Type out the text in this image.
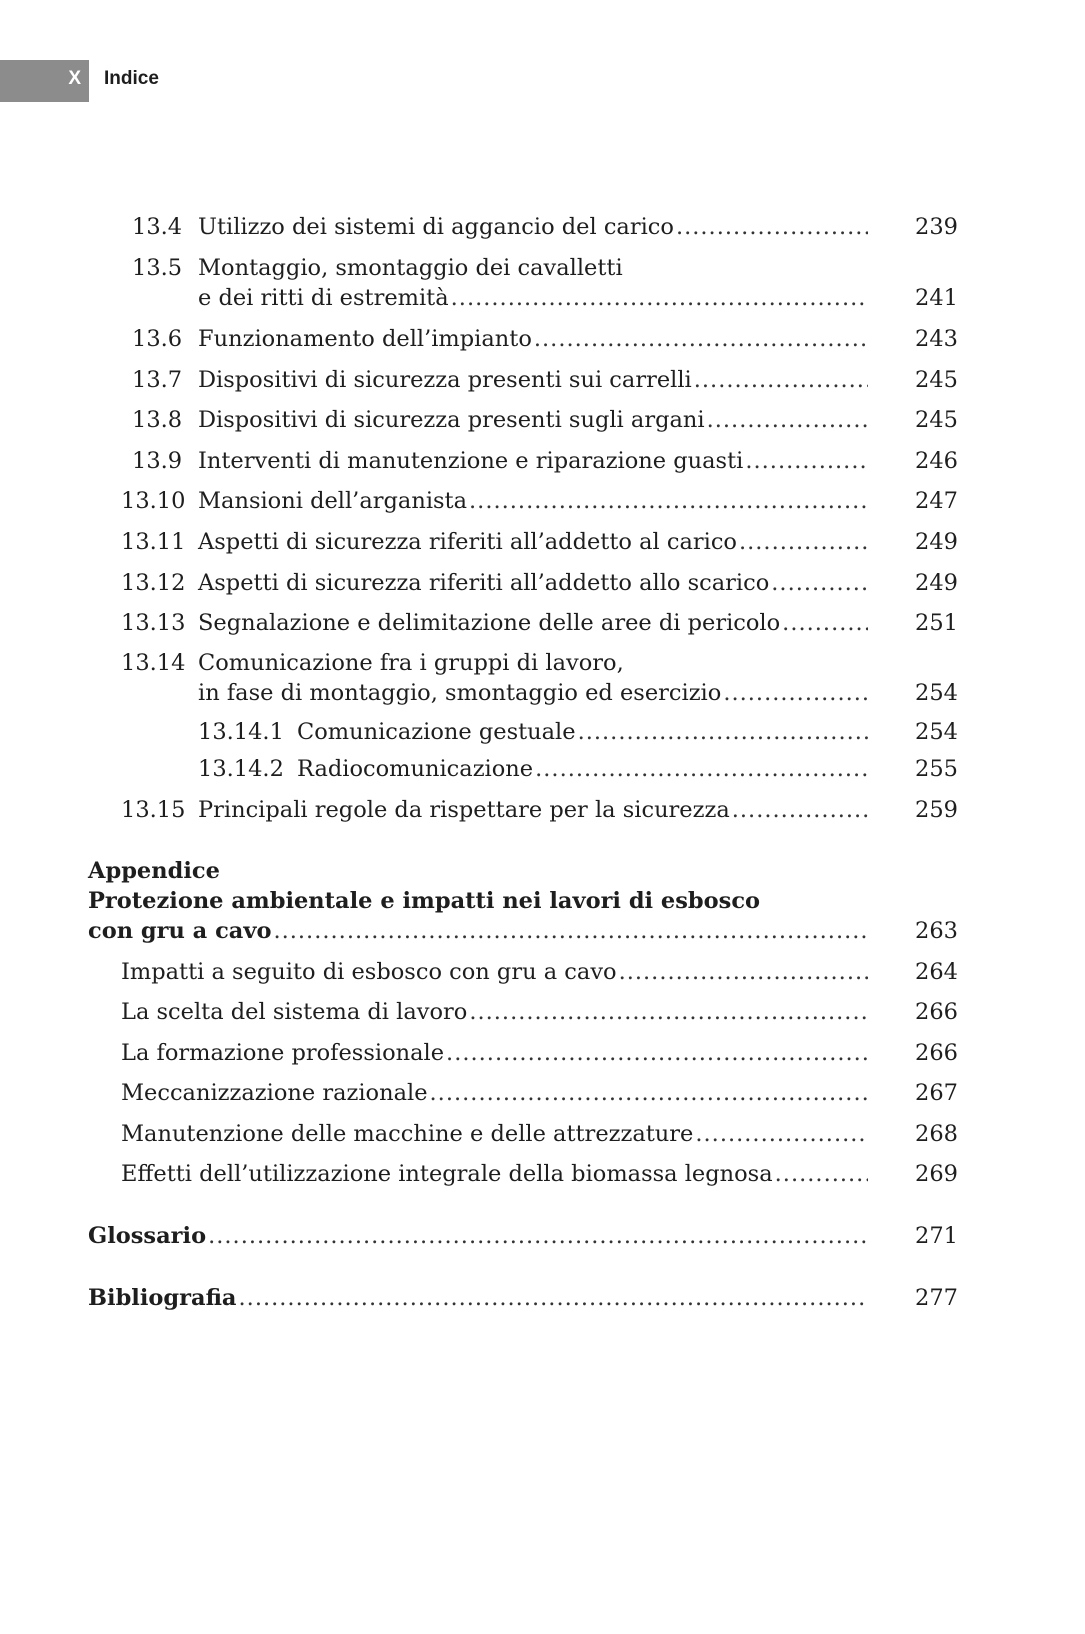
X Indice
13.4 Utilizzo dei sistemi di aggancio del carico .....	239
13.5 Montaggio, smontaggio dei cavalletti
e dei ritti di estremità .....	241
13.6 Funzionamento dell’impianto .....	243
13.7 Dispositivi di sicurezza presenti sui carrelli .....	245
13.8 Dispositivi di sicurezza presenti sugli argani .....	245
13.9 Interventi di manutenzione e riparazione guasti .....	246
13.10 Mansioni dell’arganista .....	247
13.11 Aspetti di sicurezza riferiti all’addetto al carico .....	249
13.12 Aspetti di sicurezza riferiti all’addetto allo scarico .....	249
13.13 Segnalazione e delimitazione delle aree di pericolo .....	251
13.14 Comunicazione fra i gruppi di lavoro,
in fase di montaggio, smontaggio ed esercizio .....	254
13.14.1 Comunicazione gestuale .....	254
13.14.2 Radiocomunicazione .....	255
13.15 Principali regole da rispettare per la sicurezza .....	259
Appendice
Protezione ambientale e impatti nei lavori di esbosco
con gru a cavo .....	263
Impatti a seguito di esbosco con gru a cavo .....	264
La scelta del sistema di lavoro .....	266
La formazione professionale .....	266
Meccanizzazione razionale .....	267
Manutenzione delle macchine e delle attrezzature .....	268
Effetti dell’utilizzazione integrale della biomassa legnosa .....	269
Glossario .....	271
Bibliografia .....	277
